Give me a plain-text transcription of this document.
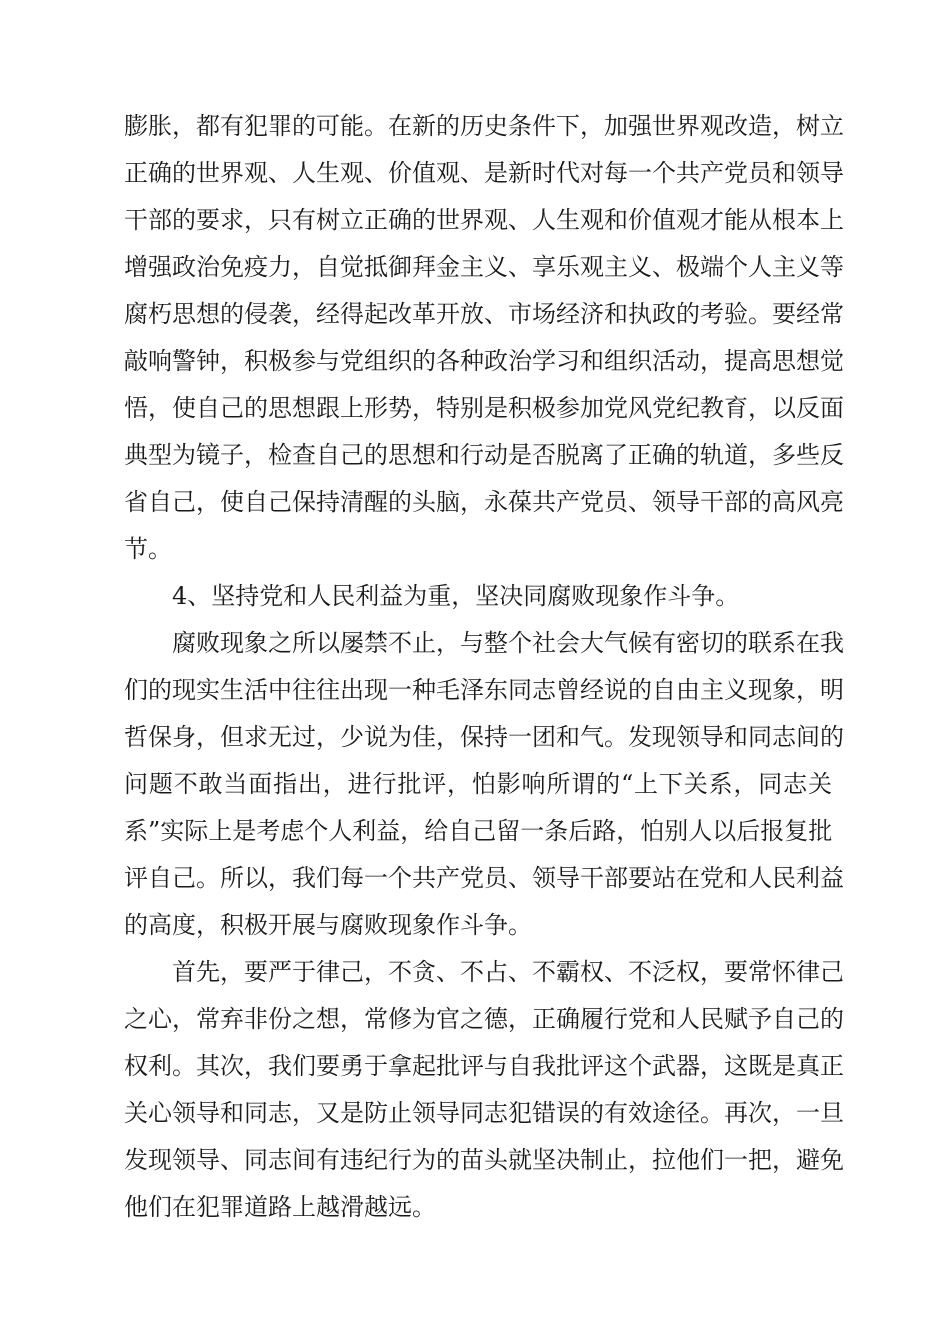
膨胀，都有犯罪的可能。在新的历史条件下，加强世界观改造，树立

正确的世界观、人生观、价值观、是新时代对每一个共产党员和领导

干部的要求，只有树立正确的世界观、人生观和价值观才能从根本上

增强政治免疫力，自觉抵御拜金主义、享乐观主义、极端个人主义等

腐朽思想的侵袭，经得起改革开放、市场经济和执政的考验。要经常

敲响警钟，积极参与党组织的各种政治学习和组织活动，提高思想觉

悟，使自己的思想跟上形势，特别是积极参加党风党纪教育，以反面

典型为镜子，检查自己的思想和行动是否脱离了正确的轨道，多些反

省自己，使自己保持清醒的头脑，永葆共产党员、领导干部的高风亮

节。

4、坚持党和人民利益为重，坚决同腐败现象作斗争。

腐败现象之所以屡禁不止，与整个社会大气候有密切的联系在我

们的现实生活中往往出现一种毛泽东同志曾经说的自由主义现象，明

哲保身，但求无过，少说为佳，保持一团和气。发现领导和同志间的

问题不敢当面指出，进行批评，怕影响所谓的“上下关系，同志关

系”实际上是考虑个人利益，给自己留一条后路，怕别人以后报复批

评自己。所以，我们每一个共产党员、领导干部要站在党和人民利益

的高度，积极开展与腐败现象作斗争。

首先，要严于律己，不贪、不占、不霸权、不泛权，要常怀律己

之心，常弃非份之想，常修为官之德，正确履行党和人民赋予自己的

权利。其次，我们要勇于拿起批评与自我批评这个武器，这既是真正

关心领导和同志，又是防止领导同志犯错误的有效途径。再次，一旦

发现领导、同志间有违纪行为的苗头就坚决制止，拉他们一把，避免

他们在犯罪道路上越滑越远。
